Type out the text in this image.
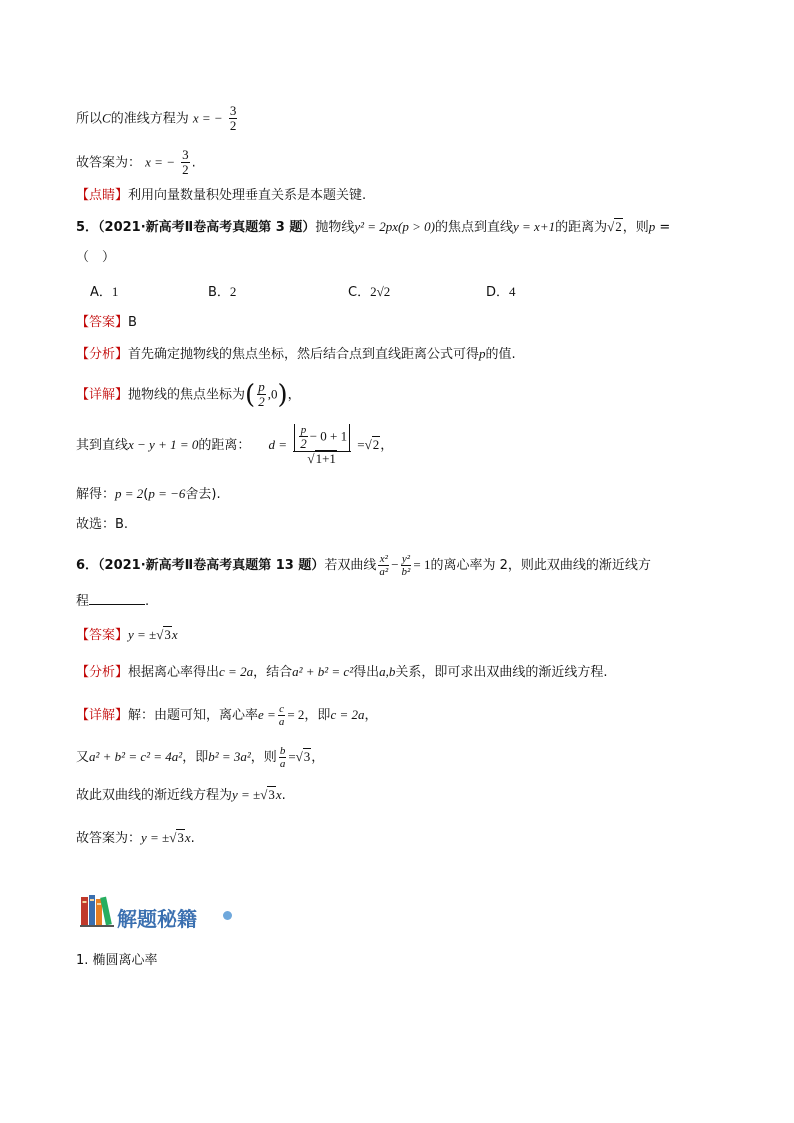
所以C的准线方程为 x = − $\frac{3}{2}$
故答案为： x = − $\frac{3}{2}$ .
【点睛】利用向量数量积处理垂直关系是本题关键.
5．（2021·新高考Ⅱ卷高考真题第 3 题）抛物线y² = 2px(p > 0)的焦点到直线y = x+1的距离为√2，则p =
（　）
A．1	B．2	C．2√2	D．4
【答案】B
【分析】首先确定抛物线的焦点坐标，然后结合点到直线距离公式可得p的值.
【详解】抛物线的焦点坐标为( $\frac{p}{2} ,0$)，
其到直线x − y + 1 = 0的距离： $d = \frac{\frac{p}{2} - 0 + 1}{√1+1} =√2$，
解得：p = 2(p = −6舍去).
故选：B.
6．（2021·新高考Ⅱ卷高考真题第 13 题）若双曲线 $\frac{\text{x²}}{\text{a²}} - \frac{\text{y²}}{\text{b²}} = 1$的离心率为 2，则此双曲线的渐近线方
程	.
【答案】y = ±√3x
【分析】根据离心率得出c = 2a，结合a² + b² = c²得出a,b关系，即可求出双曲线的渐近线方程.
【详解】解：由题可知，离心率$e = \frac{c}{a} = 2$，即c = 2a，
又a² + b² = c² = 4a²，即b² = 3a²，则 $\frac{b}{a} =√3$，
故此双曲线的渐近线方程为y = ±√3x.
故答案为：y = ±√3x.
解题秘籍
1. 椭圆离心率
